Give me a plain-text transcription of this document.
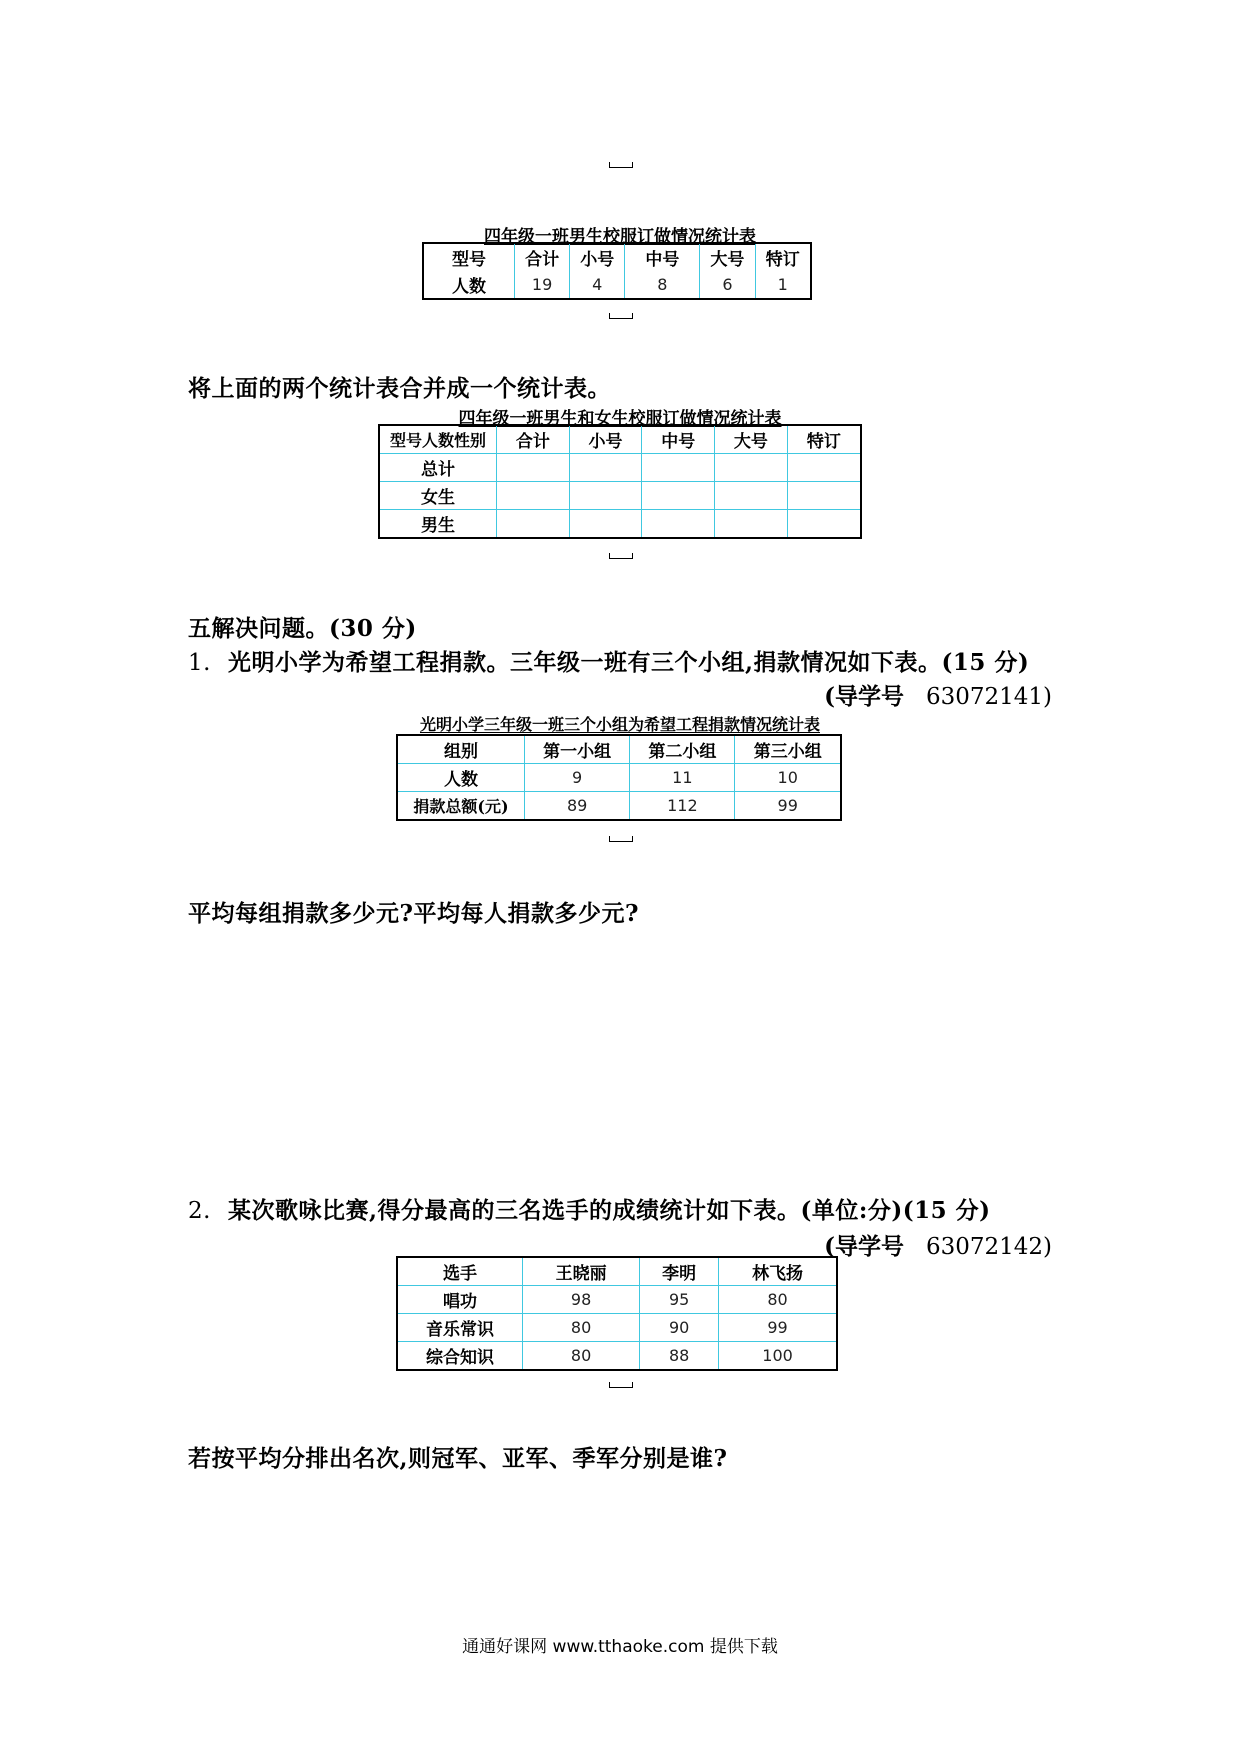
四年级一班男生校服订做情况统计表
型号	合计	小号	中号	大号	特订
人数	19	4	8	6	1
将上面的两个统计表合并成一个统计表。
四年级一班男生和女生校服订做情况统计表
型号人数性别	合计	小号	中号	大号	特订
总计					
女生					
男生					
五解决问题。(30 分)
1. 光明小学为希望工程捐款。三年级一班有三个小组,捐款情况如下表。(15 分)
(导学号 63072141)
光明小学三年级一班三个小组为希望工程捐款情况统计表
组别	第一小组	第二小组	第三小组
人数	9	11	10
捐款总额(元)	89	112	99
平均每组捐款多少元?平均每人捐款多少元?
2. 某次歌咏比赛,得分最高的三名选手的成绩统计如下表。(单位:分)(15 分)
(导学号 63072142)
选手	王晓丽	李明	林飞扬
唱功	98	95	80
音乐常识	80	90	99
综合知识	80	88	100
若按平均分排出名次,则冠军、亚军、季军分别是谁?
通通好课网 www.tthaoke.com 提供下载
